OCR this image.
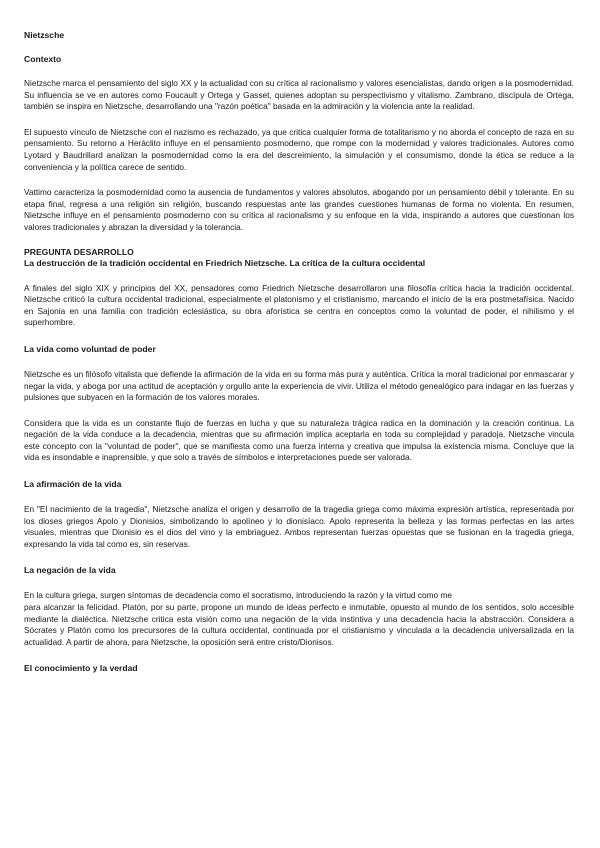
Nietzsche
Contexto

Nietzsche marca el pensamiento del siglo XX y la actualidad con su crítica al racionalismo y valores esencialistas, dando origen a la posmodernidad. Su influencia se ve en autores como Foucault y Ortega y Gasset, quienes adoptan su perspectivismo y vitalismo. Zambrano, discípula de Ortega, también se inspira en Nietzsche, desarrollando una "razón poética" basada en la admiración y la violencia ante la realidad.

El supuesto vínculo de Nietzsche con el nazismo es rechazado, ya que critica cualquier forma de totalitarismo y no aborda el concepto de raza en su pensamiento. Su retorno a Heráclito influye en el pensamiento posmoderno, que rompe con la modernidad y valores tradicionales. Autores como Lyotard y Baudrillard analizan la posmodernidad como la era del descreimiento, la simulación y el consumismo, donde la ética se reduce a la conveniencia y la política carece de sentido.

Vattimo caracteriza la posmodernidad como la ausencia de fundamentos y valores absolutos, abogando por un pensamiento débil y tolerante. En su etapa final, regresa a una religión sin religión, buscando respuestas ante las grandes cuestiones humanas de forma no violenta. En resumen, Nietzsche influye en el pensamiento posmoderno con su crítica al racionalismo y su enfoque en la vida, inspirando a autores que cuestionan los valores tradicionales y abrazan la diversidad y la tolerancia.

PREGUNTA DESARROLLO
La destrucción de la tradición occidental en Friedrich Nietzsche. La crítica de la cultura occidental

A finales del siglo XIX y principios del XX, pensadores como Friedrich Nietzsche desarrollaron una filosofía crítica hacia la tradición occidental. Nietzsche criticó la cultura occidental tradicional, especialmente el platonismo y el cristianismo, marcando el inicio de la era postmetafísica. Nacido en Sajonia en una familia con tradición eclesiástica, su obra aforística se centra en conceptos como la voluntad de poder, el nihilismo y el superhombre.

La vida como voluntad de poder

Nietzsche es un filósofo vitalista que defiende la afirmación de la vida en su forma más pura y auténtica. Crítica la moral tradicional por enmascarar y negar la vida, y aboga por una actitud de aceptación y orgullo ante la experiencia de vivir. Utiliza el método genealógico para indagar en las fuerzas y pulsiones que subyacen en la formación de los valores morales.

Considera que la vida es un constante flujo de fuerzas en lucha y que su naturaleza trágica radica en la dominación y la creación continua. La negación de la vida conduce a la decadencia, mientras que su afirmación implica aceptarla en toda su complejidad y paradoja. Nietzsche vincula este concepto con la "voluntad de poder", que se manifiesta como una fuerza interna y creativa que impulsa la existencia misma. Concluye que la vida es insondable e inaprensible, y que solo a través de símbolos e interpretaciones puede ser valorada.

La afirmación de la vida

En "El nacimiento de la tragedia", Nietzsche analiza el origen y desarrollo de la tragedia griega como máxima expresión artística, representada por los dioses griegos Apolo y Dionisios, simbolizando lo apolíneo y lo dionisíaco. Apolo representa la belleza y las formas perfectas en las artes visuales, mientras que Dionisio es el dios del vino y la embriaguez. Ambos representan fuerzas opuestas que se fusionan en la tragedia griega, expresando la vida tal como es, sin reservas.

La negación de la vida

En la cultura griega, surgen síntomas de decadencia como el socratismo, introduciendo la razón y la virtud como me

para alcanzar la felicidad. Platón, por su parte, propone un mundo de ideas perfecto e inmutable, opuesto al mundo de los sentidos, solo accesible mediante la dialéctica. Nietzsche critica esta visión como una negación de la vida instintiva y una decadencia hacia la abstracción. Considera a Sócrates y Platón como los precursores de la cultura occidental, continuada por el cristianismo y vinculada a la decadencia universalizada en la actualidad. A partir de ahora, para Nietzsche, la oposición será entre cristo/Dionisos.

El conocimiento y la verdad
